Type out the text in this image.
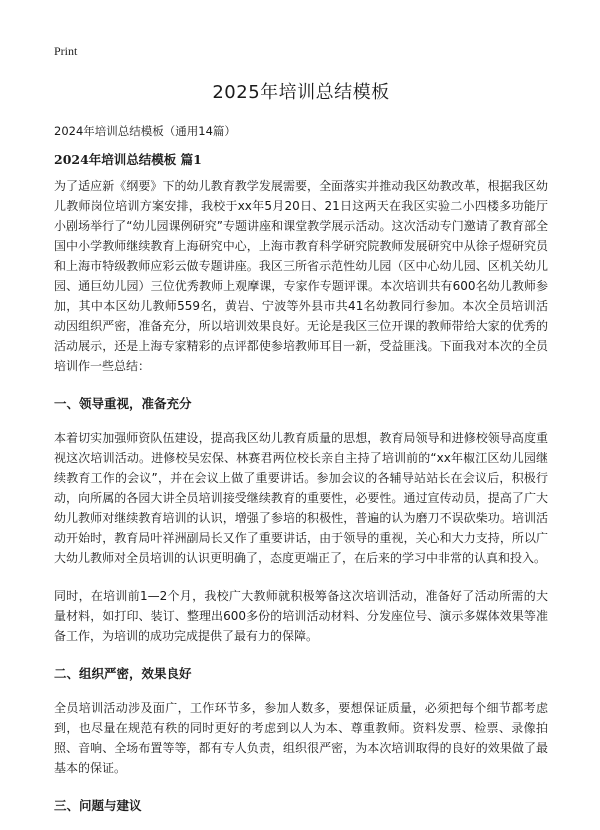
Print
2025年培训总结模板

2024年培训总结模板（通用14篇）

2024年培训总结模板 篇1

为了适应新《纲要》下的幼儿教育教学发展需要，全面落实并推动我区幼教改革，根据我区幼儿教师岗位培训方案安排，我校于xx年5月20日、21日这两天在我区实验二小四楼多功能厅小剧场举行了“幼儿园课例研究”专题讲座和课堂教学展示活动。这次活动专门邀请了教育部全国中小学教师继续教育上海研究中心，上海市教育科学研究院教师发展研究中从徐子煜研究员和上海市特级教师应彩云做专题讲座。我区三所省示范性幼儿园（区中心幼儿园、区机关幼儿园、通巨幼儿园）三位优秀教师上观摩课，专家作专题评课。本次培训共有600名幼儿教师参加，其中本区幼儿教师559名，黄岩、宁波等外县市共41名幼教同行参加。本次全员培训活动因组织严密，准备充分，所以培训效果良好。无论是我区三位开课的教师带给大家的优秀的活动展示，还是上海专家精彩的点评都使参培教师耳目一新，受益匪浅。下面我对本次的全员培训作一些总结：

一、领导重视，准备充分

本着切实加强师资队伍建设，提高我区幼儿教育质量的思想，教育局领导和进修校领导高度重视这次培训活动。进修校吴宏保、林赛君两位校长亲自主持了培训前的“xx年椒江区幼儿园继续教育工作的会议”，并在会议上做了重要讲话。参加会议的各辅导站站长在会议后，积极行动，向所属的各园大讲全员培训接受继续教育的重要性，必要性。通过宣传动员，提高了广大幼儿教师对继续教育培训的认识，增强了参培的积极性，普遍的认为磨刀不误砍柴功。培训活动开始时，教育局叶祥洲副局长又作了重要讲话，由于领导的重视，关心和大力支持，所以广大幼儿教师对全员培训的认识更明确了，态度更端正了，在后来的学习中非常的认真和投入。

同时，在培训前1—2个月，我校广大教师就积极筹备这次培训活动，准备好了活动所需的大量材料，如打印、装订、整理出600多份的培训活动材料、分发座位号、演示多媒体效果等准备工作，为培训的成功完成提供了最有力的保障。

二、组织严密，效果良好

全员培训活动涉及面广，工作环节多，参加人数多，要想保证质量，必须把每个细节都考虑到，也尽量在规范有秩的同时更好的考虑到以人为本、尊重教师。资料发票、检票、录像拍照、音响、全场布置等等，都有专人负责，组织很严密，为本次培训取得的良好的效果做了最基本的保证。

三、问题与建议
